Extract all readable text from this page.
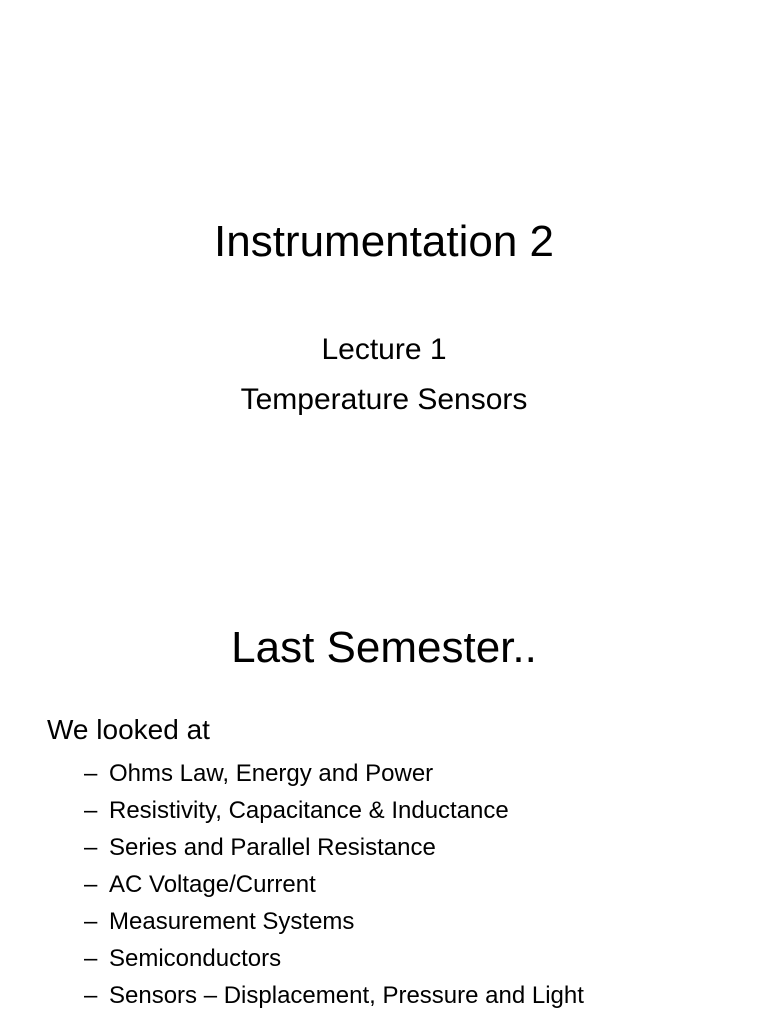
Instrumentation 2

Lecture 1

Temperature Sensors

Last Semester..

We looked at

– Ohms Law, Energy and Power
– Resistivity, Capacitance & Inductance
– Series and Parallel Resistance
– AC Voltage/Current
– Measurement Systems
– Semiconductors
– Sensors – Displacement, Pressure and Light
